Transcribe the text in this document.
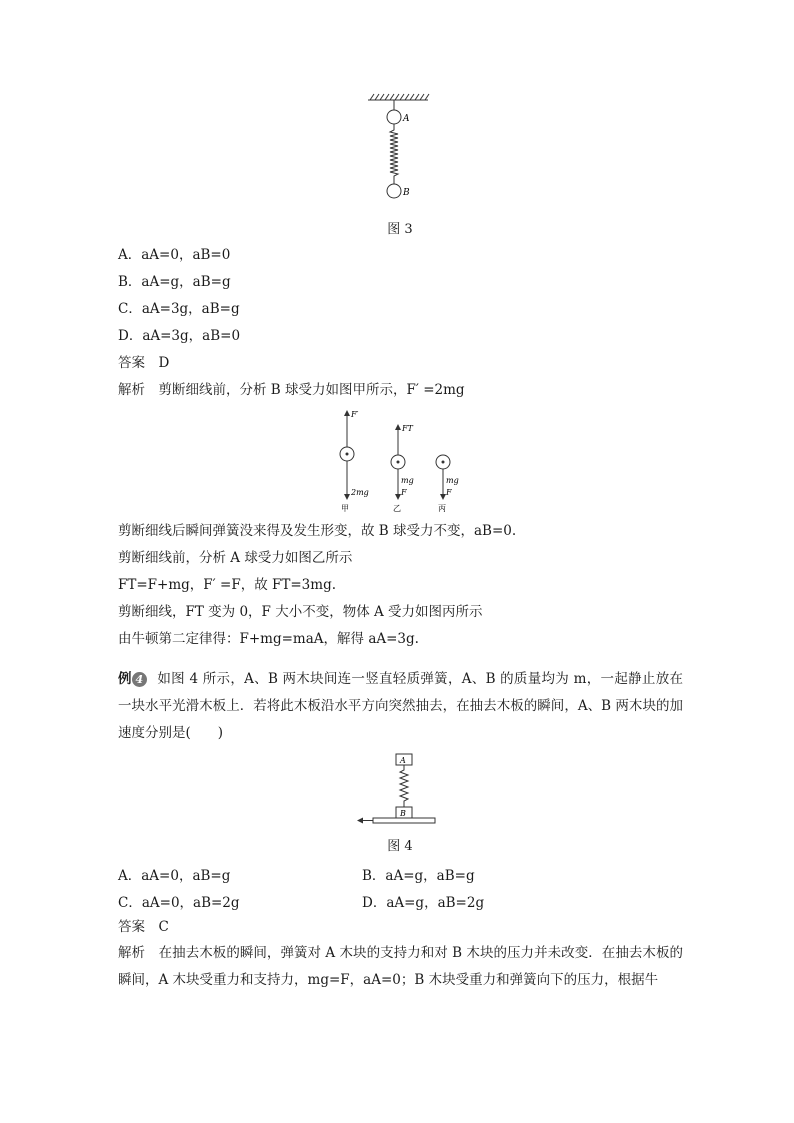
A
B
图 3
A．aA=0，aB=0
B．aA=g，aB=g
C．aA=3g，aB=g
D．aA=3g，aB=0
答案　D
解析　剪断细线前，分析 B 球受力如图甲所示，F′ =2mg
F′
2mg
甲
FT
mg
F
乙
mg
F
丙
剪断细线后瞬间弹簧没来得及发生形变，故 B 球受力不变，aB=0.
剪断细线前，分析 A 球受力如图乙所示
FT=F+mg，F′ =F，故 FT=3mg.
剪断细线，FT 变为 0，F 大小不变，物体 A 受力如图丙所示
由牛顿第二定律得：F+mg=maA，解得 aA=3g.
例 4 如图 4 所示，A、B 两木块间连一竖直轻质弹簧，A、B 的质量均为 m，一起静止放在一块水平光滑木板上．若将此木板沿水平方向突然抽去，在抽去木板的瞬间，A、B 两木块的加速度分别是(　　)
A
B
图 4
A．aA=0，aB=g	B．aA=g，aB=g
C．aA=0，aB=2g	D．aA=g，aB=2g
答案　C
解析　在抽去木板的瞬间，弹簧对 A 木块的支持力和对 B 木块的压力并未改变．在抽去木板的瞬间，A 木块受重力和支持力，mg=F，aA=0；B 木块受重力和弹簧向下的压力，根据牛
